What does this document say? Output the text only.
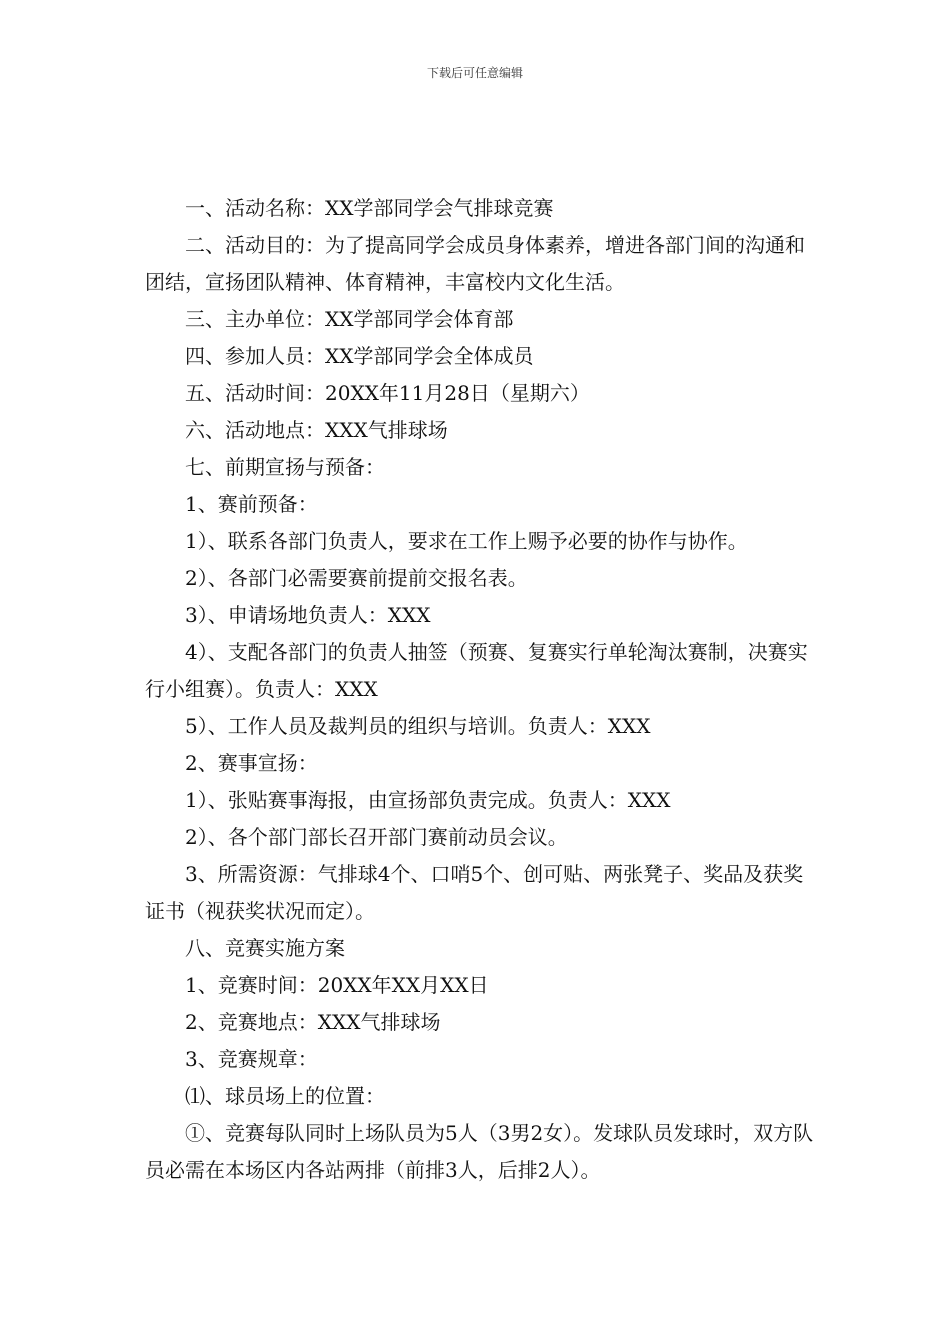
下载后可任意编辑

一、活动名称：XX学部同学会气排球竞赛

二、活动目的：为了提高同学会成员身体素养，增进各部门间的沟通和团结，宣扬团队精神、体育精神，丰富校内文化生活。

三、主办单位：XX学部同学会体育部

四、参加人员：XX学部同学会全体成员

五、活动时间：20XX年11月28日（星期六）

六、活动地点：XXX气排球场

七、前期宣扬与预备：

1、赛前预备：

1）、联系各部门负责人，要求在工作上赐予必要的协作与协作。

2）、各部门必需要赛前提前交报名表。

3）、申请场地负责人：XXX

4）、支配各部门的负责人抽签（预赛、复赛实行单轮淘汰赛制，决赛实行小组赛）。负责人：XXX

5）、工作人员及裁判员的组织与培训。负责人：XXX

2、赛事宣扬：

1）、张贴赛事海报，由宣扬部负责完成。负责人：XXX

2）、各个部门部长召开部门赛前动员会议。

3、所需资源：气排球4个、口哨5个、创可贴、两张凳子、奖品及获奖证书（视获奖状况而定）。

八、竞赛实施方案

1、竞赛时间：20XX年XX月XX日

2、竞赛地点：XXX气排球场

3、竞赛规章：

⑴、球员场上的位置：

①、竞赛每队同时上场队员为5人（3男2女）。发球队员发球时，双方队员必需在本场区内各站两排（前排3人，后排2人）。
